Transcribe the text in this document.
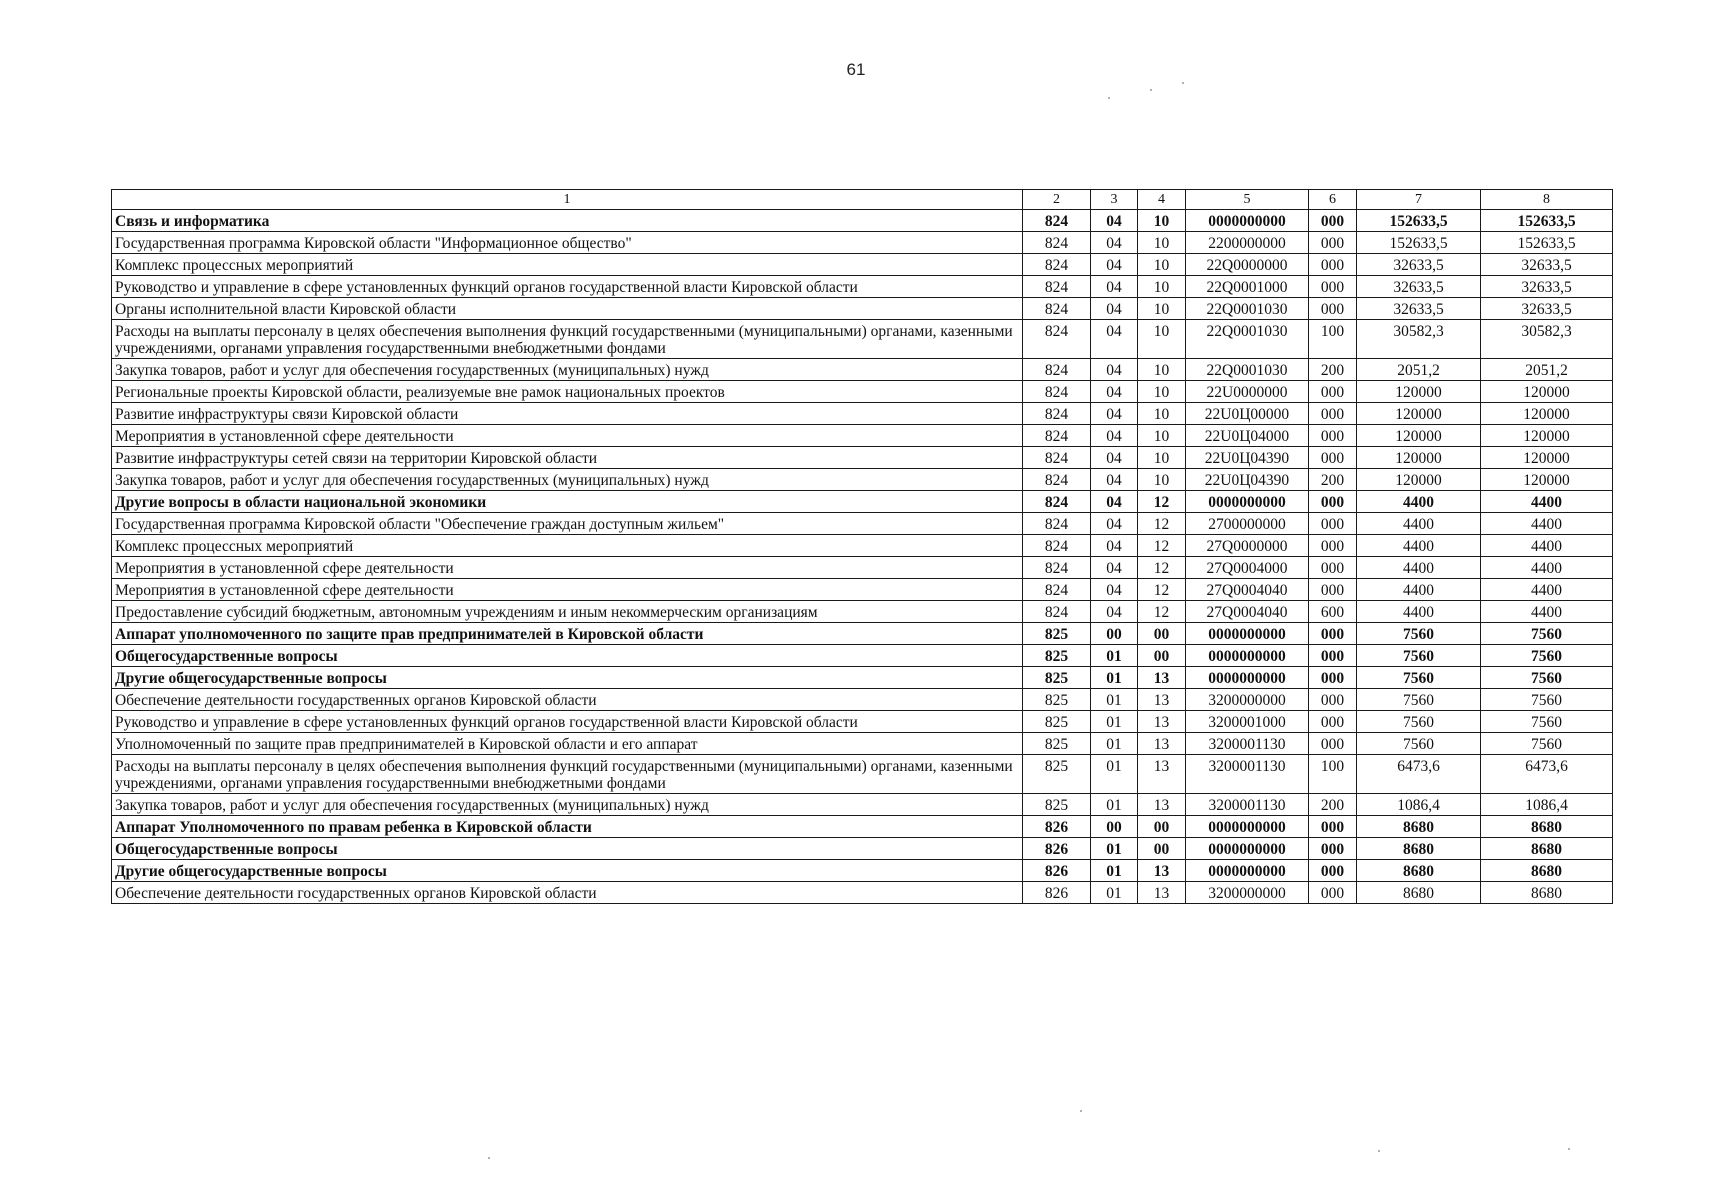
61
1	2	3	4	5	6	7	8
Связь и информатика	824	04	10	0000000000	000	152633,5	152633,5
Государственная программа Кировской области "Информационное общество"	824	04	10	2200000000	000	152633,5	152633,5
Комплекс процессных мероприятий	824	04	10	22Q0000000	000	32633,5	32633,5
Руководство и управление в сфере установленных функций органов государственной власти Кировской области	824	04	10	22Q0001000	000	32633,5	32633,5
Органы исполнительной власти Кировской области	824	04	10	22Q0001030	000	32633,5	32633,5
Расходы на выплаты персоналу в целях обеспечения выполнения функций государственными (муниципальными) органами, казенными учреждениями, органами управления государственными внебюджетными фондами	824	04	10	22Q0001030	100	30582,3	30582,3
Закупка товаров, работ и услуг для обеспечения государственных (муниципальных) нужд	824	04	10	22Q0001030	200	2051,2	2051,2
Региональные проекты Кировской области, реализуемые вне рамок национальных проектов	824	04	10	22U0000000	000	120000	120000
Развитие инфраструктуры связи Кировской области	824	04	10	22U0Ц00000	000	120000	120000
Мероприятия в установленной сфере деятельности	824	04	10	22U0Ц04000	000	120000	120000
Развитие инфраструктуры сетей связи на территории Кировской области	824	04	10	22U0Ц04390	000	120000	120000
Закупка товаров, работ и услуг для обеспечения государственных (муниципальных) нужд	824	04	10	22U0Ц04390	200	120000	120000
Другие вопросы в области национальной экономики	824	04	12	0000000000	000	4400	4400
Государственная программа Кировской области "Обеспечение граждан доступным жильем"	824	04	12	2700000000	000	4400	4400
Комплекс процессных мероприятий	824	04	12	27Q0000000	000	4400	4400
Мероприятия в установленной сфере деятельности	824	04	12	27Q0004000	000	4400	4400
Мероприятия в установленной сфере деятельности	824	04	12	27Q0004040	000	4400	4400
Предоставление субсидий бюджетным, автономным учреждениям и иным некоммерческим организациям	824	04	12	27Q0004040	600	4400	4400
Аппарат уполномоченного по защите прав предпринимателей в Кировской области	825	00	00	0000000000	000	7560	7560
Общегосударственные вопросы	825	01	00	0000000000	000	7560	7560
Другие общегосударственные вопросы	825	01	13	0000000000	000	7560	7560
Обеспечение деятельности государственных органов Кировской области	825	01	13	3200000000	000	7560	7560
Руководство и управление в сфере установленных функций органов государственной власти Кировской области	825	01	13	3200001000	000	7560	7560
Уполномоченный по защите прав предпринимателей в Кировской области и его аппарат	825	01	13	3200001130	000	7560	7560
Расходы на выплаты персоналу в целях обеспечения выполнения функций государственными (муниципальными) органами, казенными учреждениями, органами управления государственными внебюджетными фондами	825	01	13	3200001130	100	6473,6	6473,6
Закупка товаров, работ и услуг для обеспечения государственных (муниципальных) нужд	825	01	13	3200001130	200	1086,4	1086,4
Аппарат Уполномоченного по правам ребенка в Кировской области	826	00	00	0000000000	000	8680	8680
Общегосударственные вопросы	826	01	00	0000000000	000	8680	8680
Другие общегосударственные вопросы	826	01	13	0000000000	000	8680	8680
Обеспечение деятельности государственных органов Кировской области	826	01	13	3200000000	000	8680	8680
